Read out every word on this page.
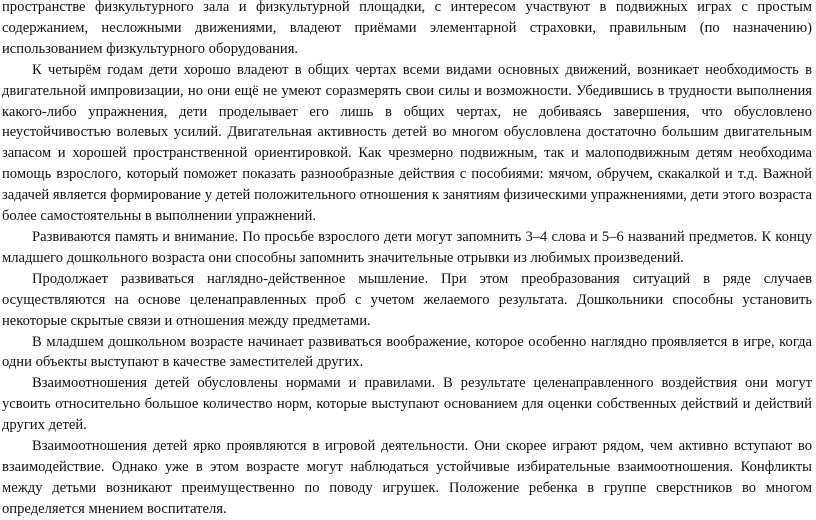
пространстве физкультурного зала и физкультурной площадки, с интересом участвуют в подвижных играх с простым содержанием, несложными движениями, владеют приёмами элементарной страховки, правильным (по назначению) использованием физкультурного оборудования.

К четырём годам дети хорошо владеют в общих чертах всеми видами основных движений, возникает необходимость в двигательной импровизации, но они ещё не умеют соразмерять свои силы и возможности. Убедившись в трудности выполнения какого-либо упражнения, дети проделывает его лишь в общих чертах, не добиваясь завершения, что обусловлено неустойчивостью волевых усилий. Двигательная активность детей во многом обусловлена достаточно большим двигательным запасом и хорошей пространственной ориентировкой. Как чрезмерно подвижным, так и малоподвижным детям необходима помощь взрослого, который поможет показать разнообразные действия с пособиями: мячом, обручем, скакалкой и т.д. Важной задачей является формирование у детей положительного отношения к занятиям физическими упражнениями, дети этого возраста более самостоятельны в выполнении упражнений.

Развиваются память и внимание. По просьбе взрослого дети могут запомнить 3–4 слова и 5–6 названий предметов. К концу младшего дошкольного возраста они способны запомнить значительные отрывки из любимых произведений.

Продолжает развиваться наглядно-действенное мышление. При этом преобразования ситуаций в ряде случаев осуществляются на основе целенаправленных проб с учетом желаемого результата. Дошкольники способны установить некоторые скрытые связи и отношения между предметами.

В младшем дошкольном возрасте начинает развиваться воображение, которое особенно наглядно проявляется в игре, когда одни объекты выступают в качестве заместителей других.

Взаимоотношения детей обусловлены нормами и правилами. В результате целенаправленного воздействия они могут усвоить относительно большое количество норм, которые выступают основанием для оценки собственных действий и действий других детей.

Взаимоотношения детей ярко проявляются в игровой деятельности. Они скорее играют рядом, чем активно вступают во взаимодействие. Однако уже в этом возрасте могут наблюдаться устойчивые избирательные взаимоотношения. Конфликты между детьми возникают преимущественно по поводу игрушек. Положение ребенка в группе сверстников во многом определяется мнением воспитателя.
